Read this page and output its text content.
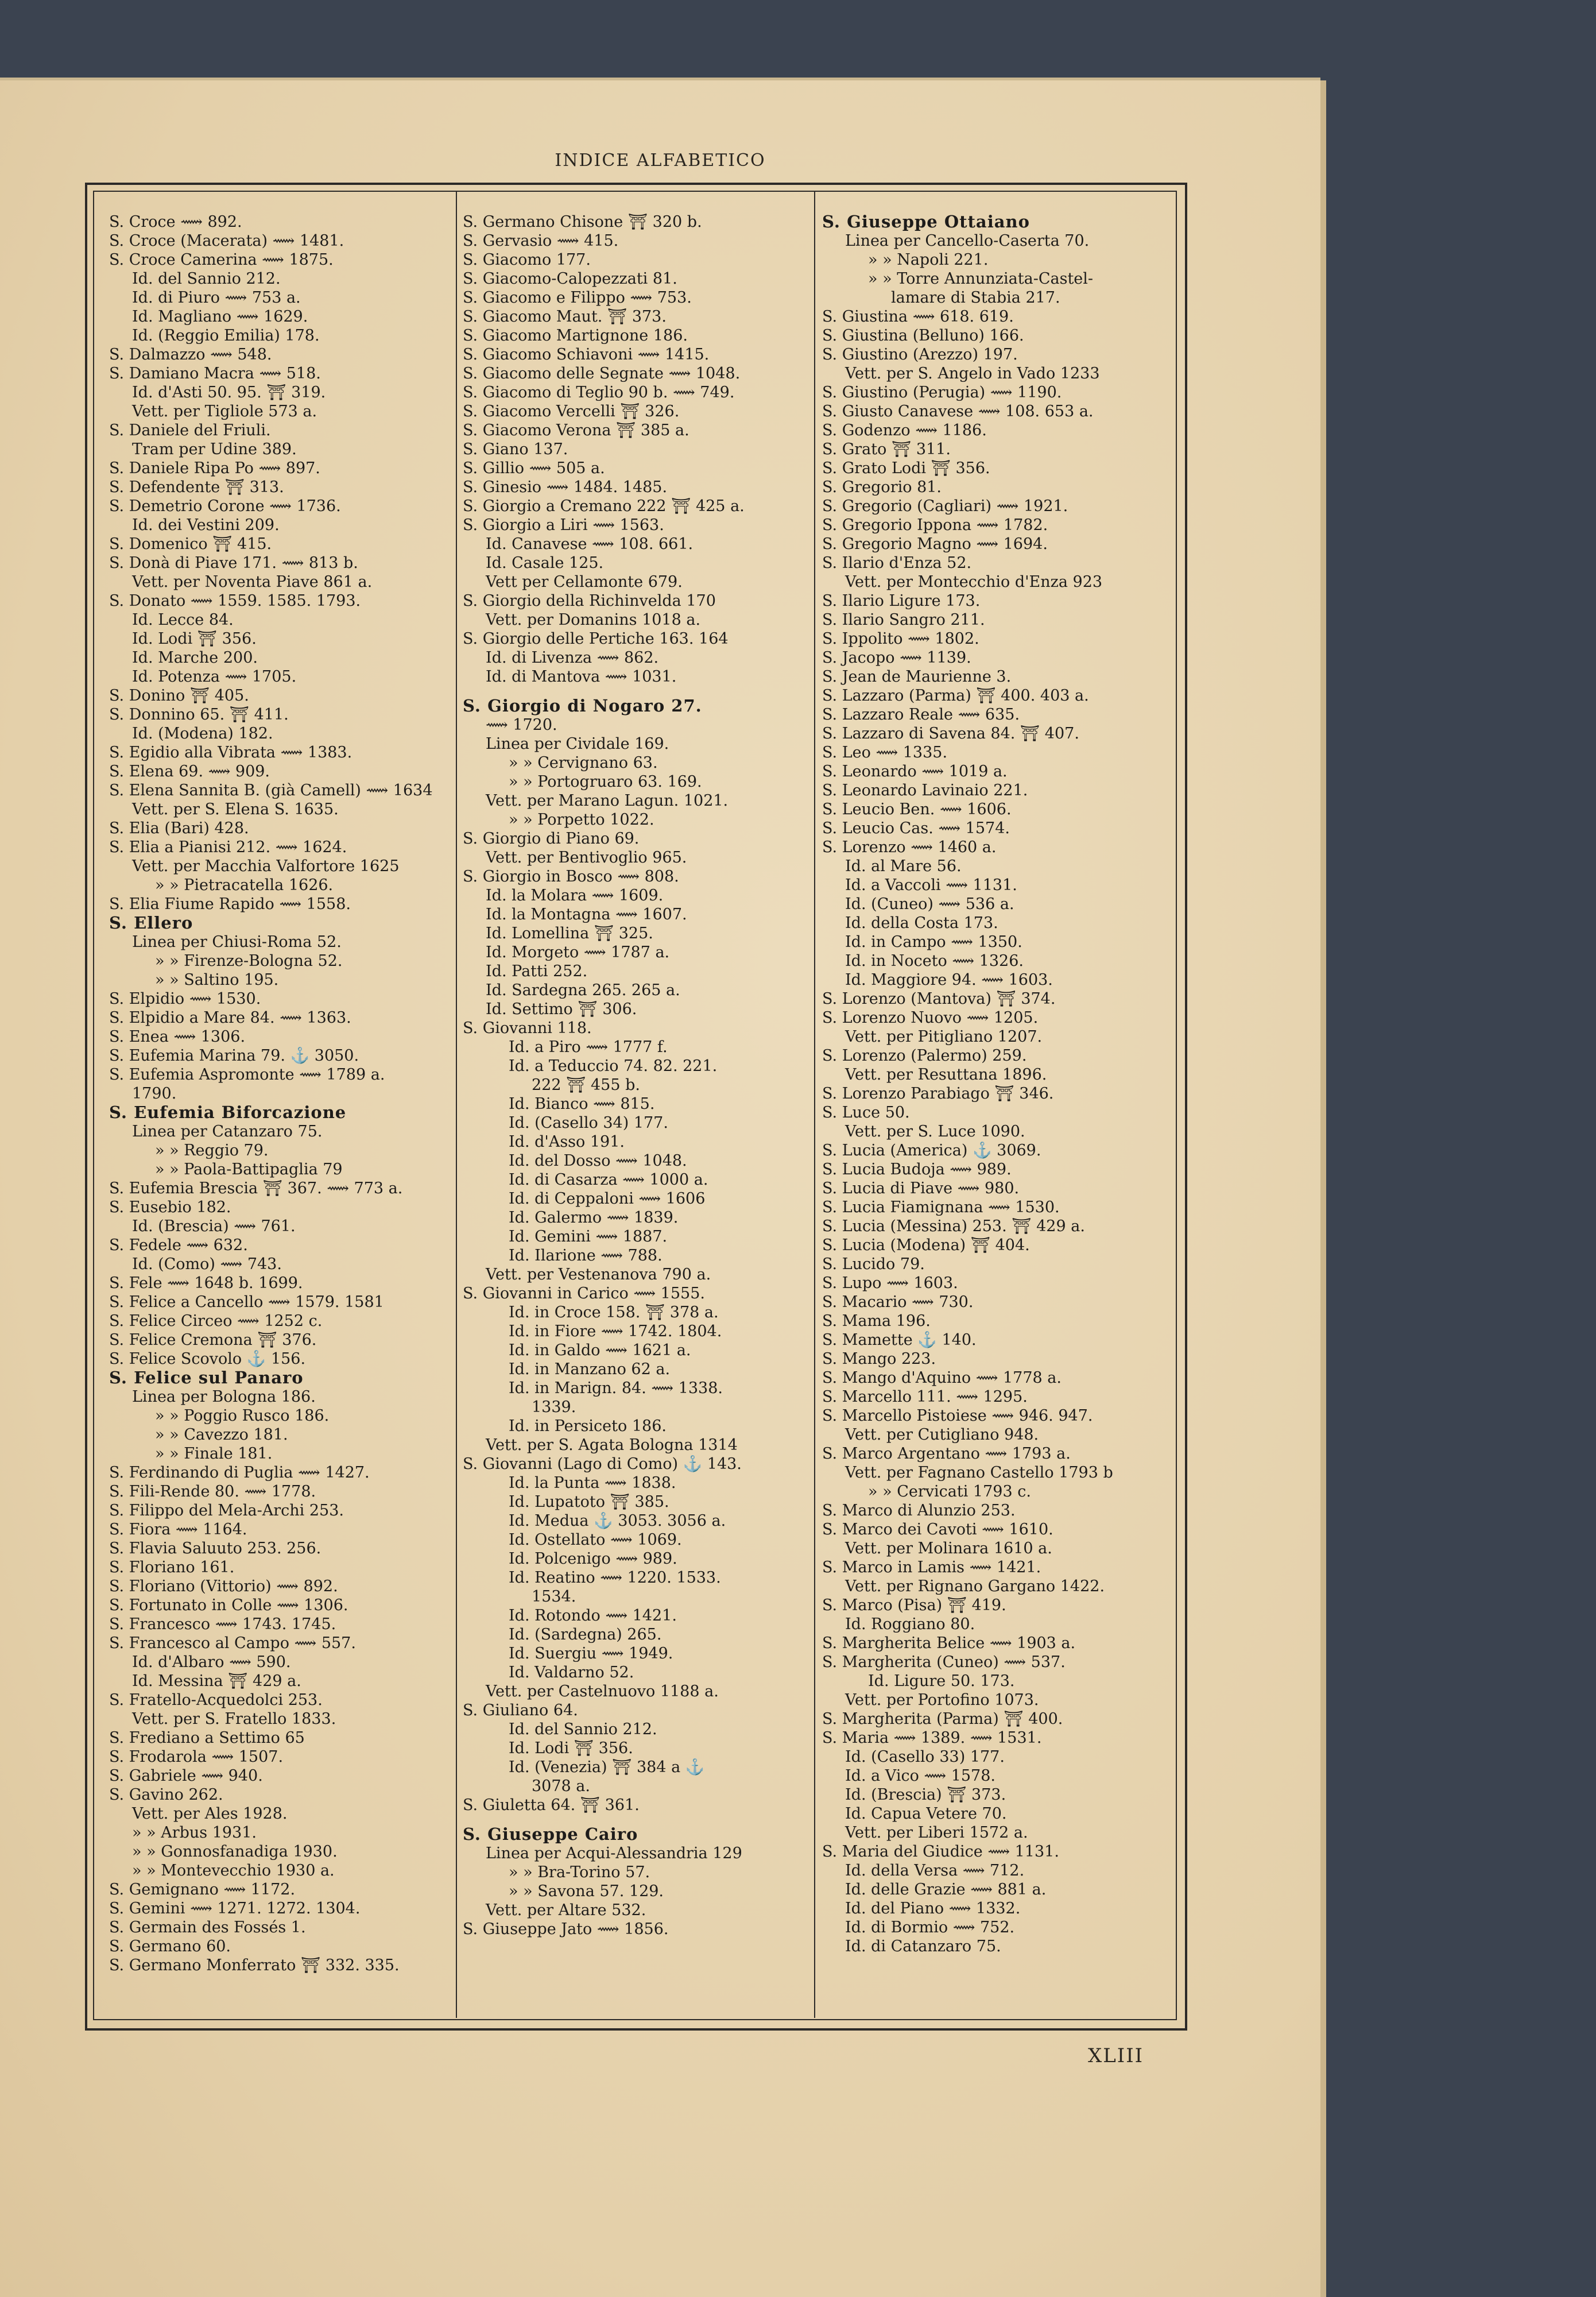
INDICE ALFABETICO
S. Croce ⟿ 892.
S. Croce (Macerata) ⟿ 1481.
S. Croce Camerina ⟿ 1875.
Id. del Sannio 212.
Id. di Piuro ⟿ 753 a.
Id. Magliano ⟿ 1629.
Id. (Reggio Emilia) 178.
S. Dalmazzo ⟿ 548.
S. Damiano Macra ⟿ 518.
Id. d'Asti 50. 95. ⛩ 319.
Vett. per Tigliole 573 a.
S. Daniele del Friuli.
Tram per Udine 389.
S. Daniele Ripa Po ⟿ 897.
S. Defendente ⛩ 313.
S. Demetrio Corone ⟿ 1736.
Id. dei Vestini 209.
S. Domenico ⛩ 415.
S. Donà di Piave 171. ⟿ 813 b.
Vett. per Noventa Piave 861 a.
S. Donato ⟿ 1559. 1585. 1793.
Id. Lecce 84.
Id. Lodi ⛩ 356.
Id. Marche 200.
Id. Potenza ⟿ 1705.
S. Donino ⛩ 405.
S. Donnino 65. ⛩ 411.
Id. (Modena) 182.
S. Egidio alla Vibrata ⟿ 1383.
S. Elena 69. ⟿ 909.
S. Elena Sannita B. (già Camell) ⟿ 1634
Vett. per S. Elena S. 1635.
S. Elia (Bari) 428.
S. Elia a Pianisi 212. ⟿ 1624.
Vett. per Macchia Valfortore 1625
» » Pietracatella 1626.
S. Elia Fiume Rapido ⟿ 1558.
S. Ellero
Linea per Chiusi-Roma 52.
» » Firenze-Bologna 52.
» » Saltino 195.
S. Elpidio ⟿ 1530.
S. Elpidio a Mare 84. ⟿ 1363.
S. Enea ⟿ 1306.
S. Eufemia Marina 79. ⚓ 3050.
S. Eufemia Aspromonte ⟿ 1789 a.
1790.
S. Eufemia Biforcazione
Linea per Catanzaro 75.
» » Reggio 79.
» » Paola-Battipaglia 79
S. Eufemia Brescia ⛩ 367. ⟿ 773 a.
S. Eusebio 182.
Id. (Brescia) ⟿ 761.
S. Fedele ⟿ 632.
Id. (Como) ⟿ 743.
S. Fele ⟿ 1648 b. 1699.
S. Felice a Cancello ⟿ 1579. 1581
S. Felice Circeo ⟿ 1252 c.
S. Felice Cremona ⛩ 376.
S. Felice Scovolo ⚓ 156.
S. Felice sul Panaro
Linea per Bologna 186.
» » Poggio Rusco 186.
» » Cavezzo 181.
» » Finale 181.
S. Ferdinando di Puglia ⟿ 1427.
S. Fili-Rende 80. ⟿ 1778.
S. Filippo del Mela-Archi 253.
S. Fiora ⟿ 1164.
S. Flavia Saluuto 253. 256.
S. Floriano 161.
S. Floriano (Vittorio) ⟿ 892.
S. Fortunato in Colle ⟿ 1306.
S. Francesco ⟿ 1743. 1745.
S. Francesco al Campo ⟿ 557.
Id. d'Albaro ⟿ 590.
Id. Messina ⛩ 429 a.
S. Fratello-Acquedolci 253.
Vett. per S. Fratello 1833.
S. Frediano a Settimo 65
S. Frodarola ⟿ 1507.
S. Gabriele ⟿ 940.
S. Gavino 262.
Vett. per Ales 1928.
» » Arbus 1931.
» » Gonnosfanadiga 1930.
» » Montevecchio 1930 a.
S. Gemignano ⟿ 1172.
S. Gemini ⟿ 1271. 1272. 1304.
S. Germain des Fossés 1.
S. Germano 60.
S. Germano Monferrato ⛩ 332. 335.
S. Germano Chisone ⛩ 320 b.
S. Gervasio ⟿ 415.
S. Giacomo 177.
S. Giacomo-Calopezzati 81.
S. Giacomo e Filippo ⟿ 753.
S. Giacomo Maut. ⛩ 373.
S. Giacomo Martignone 186.
S. Giacomo Schiavoni ⟿ 1415.
S. Giacomo delle Segnate ⟿ 1048.
S. Giacomo di Teglio 90 b. ⟿ 749.
S. Giacomo Vercelli ⛩ 326.
S. Giacomo Verona ⛩ 385 a.
S. Giano 137.
S. Gillio ⟿ 505 a.
S. Ginesio ⟿ 1484. 1485.
S. Giorgio a Cremano 222 ⛩ 425 a.
S. Giorgio a Liri ⟿ 1563.
Id. Canavese ⟿ 108. 661.
Id. Casale 125.
Vett per Cellamonte 679.
S. Giorgio della Richinvelda 170
Vett. per Domanins 1018 a.
S. Giorgio delle Pertiche 163. 164
Id. di Livenza ⟿ 862.
Id. di Mantova ⟿ 1031.
S. Giorgio di Nogaro 27.
⟿ 1720.
Linea per Cividale 169.
» » Cervignano 63.
» » Portogruaro 63. 169.
Vett. per Marano Lagun. 1021.
» » Porpetto 1022.
S. Giorgio di Piano 69.
Vett. per Bentivoglio 965.
S. Giorgio in Bosco ⟿ 808.
Id. la Molara ⟿ 1609.
Id. la Montagna ⟿ 1607.
Id. Lomellina ⛩ 325.
Id. Morgeto ⟿ 1787 a.
Id. Patti 252.
Id. Sardegna 265. 265 a.
Id. Settimo ⛩ 306.
S. Giovanni 118.
Id. a Piro ⟿ 1777 f.
Id. a Teduccio 74. 82. 221.
222 ⛩ 455 b.
Id. Bianco ⟿ 815.
Id. (Casello 34) 177.
Id. d'Asso 191.
Id. del Dosso ⟿ 1048.
Id. di Casarza ⟿ 1000 a.
Id. di Ceppaloni ⟿ 1606
Id. Galermo ⟿ 1839.
Id. Gemini ⟿ 1887.
Id. Ilarione ⟿ 788.
Vett. per Vestenanova 790 a.
S. Giovanni in Carico ⟿ 1555.
Id. in Croce 158. ⛩ 378 a.
Id. in Fiore ⟿ 1742. 1804.
Id. in Galdo ⟿ 1621 a.
Id. in Manzano 62 a.
Id. in Marign. 84. ⟿ 1338.
1339.
Id. in Persiceto 186.
Vett. per S. Agata Bologna 1314
S. Giovanni (Lago di Como) ⚓ 143.
Id. la Punta ⟿ 1838.
Id. Lupatoto ⛩ 385.
Id. Medua ⚓ 3053. 3056 a.
Id. Ostellato ⟿ 1069.
Id. Polcenigo ⟿ 989.
Id. Reatino ⟿ 1220. 1533.
1534.
Id. Rotondo ⟿ 1421.
Id. (Sardegna) 265.
Id. Suergiu ⟿ 1949.
Id. Valdarno 52.
Vett. per Castelnuovo 1188 a.
S. Giuliano 64.
Id. del Sannio 212.
Id. Lodi ⛩ 356.
Id. (Venezia) ⛩ 384 a ⚓
3078 a.
S. Giuletta 64. ⛩ 361.
S. Giuseppe Cairo
Linea per Acqui-Alessandria 129
» » Bra-Torino 57.
» » Savona 57. 129.
Vett. per Altare 532.
S. Giuseppe Jato ⟿ 1856.
S. Giuseppe Ottaiano
Linea per Cancello-Caserta 70.
» » Napoli 221.
» » Torre Annunziata-Castel-
lamare di Stabia 217.
S. Giustina ⟿ 618. 619.
S. Giustina (Belluno) 166.
S. Giustino (Arezzo) 197.
Vett. per S. Angelo in Vado 1233
S. Giustino (Perugia) ⟿ 1190.
S. Giusto Canavese ⟿ 108. 653 a.
S. Godenzo ⟿ 1186.
S. Grato ⛩ 311.
S. Grato Lodi ⛩ 356.
S. Gregorio 81.
S. Gregorio (Cagliari) ⟿ 1921.
S. Gregorio Ippona ⟿ 1782.
S. Gregorio Magno ⟿ 1694.
S. Ilario d'Enza 52.
Vett. per Montecchio d'Enza 923
S. Ilario Ligure 173.
S. Ilario Sangro 211.
S. Ippolito ⟿ 1802.
S. Jacopo ⟿ 1139.
S. Jean de Maurienne 3.
S. Lazzaro (Parma) ⛩ 400. 403 a.
S. Lazzaro Reale ⟿ 635.
S. Lazzaro di Savena 84. ⛩ 407.
S. Leo ⟿ 1335.
S. Leonardo ⟿ 1019 a.
S. Leonardo Lavinaio 221.
S. Leucio Ben. ⟿ 1606.
S. Leucio Cas. ⟿ 1574.
S. Lorenzo ⟿ 1460 a.
Id. al Mare 56.
Id. a Vaccoli ⟿ 1131.
Id. (Cuneo) ⟿ 536 a.
Id. della Costa 173.
Id. in Campo ⟿ 1350.
Id. in Noceto ⟿ 1326.
Id. Maggiore 94. ⟿ 1603.
S. Lorenzo (Mantova) ⛩ 374.
S. Lorenzo Nuovo ⟿ 1205.
Vett. per Pitigliano 1207.
S. Lorenzo (Palermo) 259.
Vett. per Resuttana 1896.
S. Lorenzo Parabiago ⛩ 346.
S. Luce 50.
Vett. per S. Luce 1090.
S. Lucia (America) ⚓ 3069.
S. Lucia Budoja ⟿ 989.
S. Lucia di Piave ⟿ 980.
S. Lucia Fiamignana ⟿ 1530.
S. Lucia (Messina) 253. ⛩ 429 a.
S. Lucia (Modena) ⛩ 404.
S. Lucido 79.
S. Lupo ⟿ 1603.
S. Macario ⟿ 730.
S. Mama 196.
S. Mamette ⚓ 140.
S. Mango 223.
S. Mango d'Aquino ⟿ 1778 a.
S. Marcello 111. ⟿ 1295.
S. Marcello Pistoiese ⟿ 946. 947.
Vett. per Cutigliano 948.
S. Marco Argentano ⟿ 1793 a.
Vett. per Fagnano Castello 1793 b
» » Cervicati 1793 c.
S. Marco di Alunzio 253.
S. Marco dei Cavoti ⟿ 1610.
Vett. per Molinara 1610 a.
S. Marco in Lamis ⟿ 1421.
Vett. per Rignano Gargano 1422.
S. Marco (Pisa) ⛩ 419.
Id. Roggiano 80.
S. Margherita Belice ⟿ 1903 a.
S. Margherita (Cuneo) ⟿ 537.
Id. Ligure 50. 173.
Vett. per Portofino 1073.
S. Margherita (Parma) ⛩ 400.
S. Maria ⟿ 1389. ⟿ 1531.
Id. (Casello 33) 177.
Id. a Vico ⟿ 1578.
Id. (Brescia) ⛩ 373.
Id. Capua Vetere 70.
Vett. per Liberi 1572 a.
S. Maria del Giudice ⟿ 1131.
Id. della Versa ⟿ 712.
Id. delle Grazie ⟿ 881 a.
Id. del Piano ⟿ 1332.
Id. di Bormio ⟿ 752.
Id. di Catanzaro 75.
XLIII
